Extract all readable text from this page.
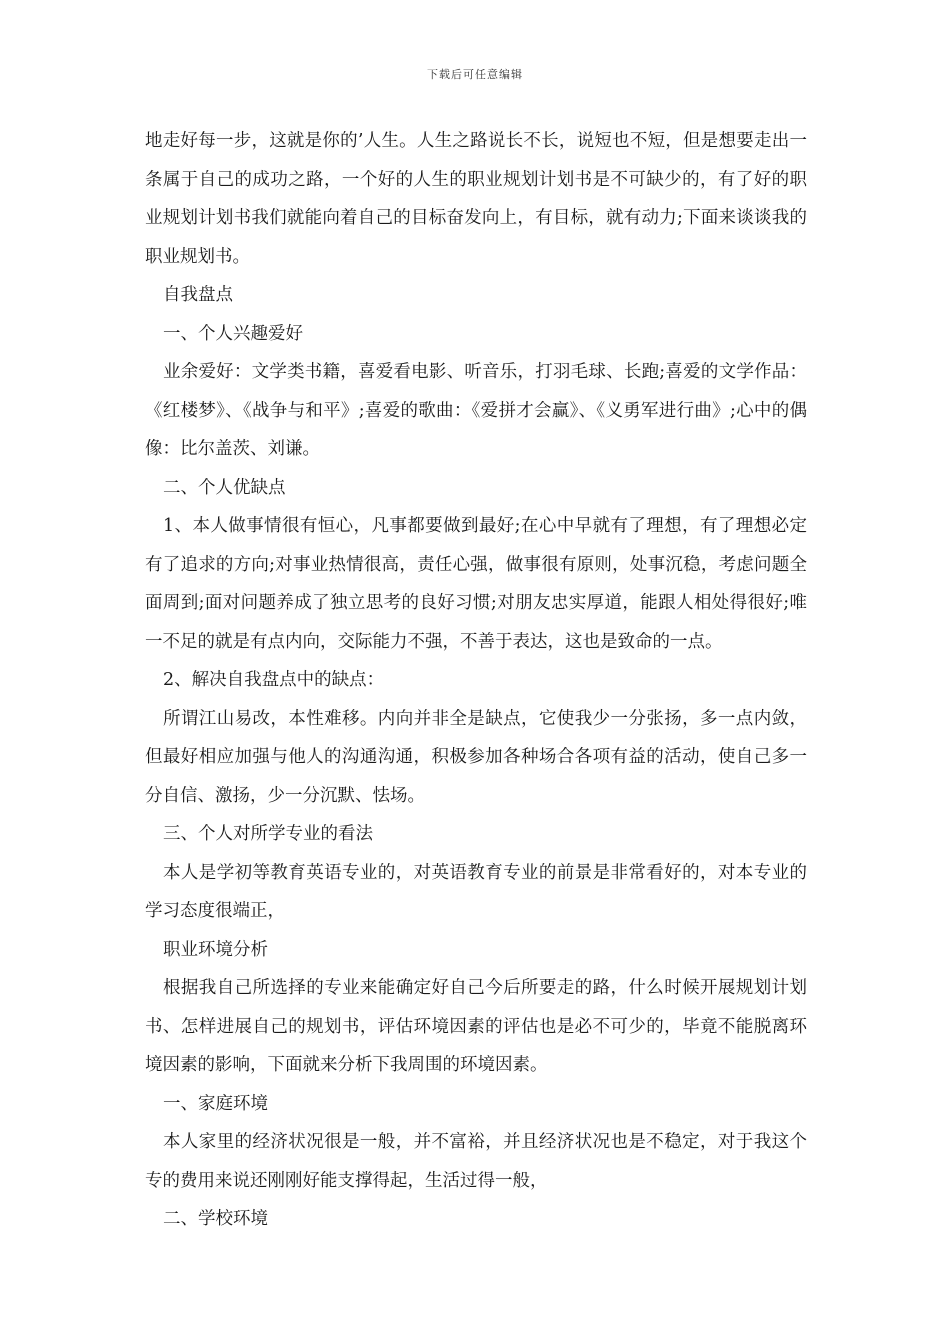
下载后可任意编辑

地走好每一步，这就是你的’人生。人生之路说长不长，说短也不短，但是想要走出一条属于自己的成功之路，一个好的人生的职业规划计划书是不可缺少的，有了好的职业规划计划书我们就能向着自己的目标奋发向上，有目标，就有动力;下面来谈谈我的职业规划书。

自我盘点

一、个人兴趣爱好

业余爱好：文学类书籍，喜爱看电影、听音乐，打羽毛球、长跑;喜爱的文学作品：《红楼梦》、《战争与和平》;喜爱的歌曲：《爱拼才会赢》、《义勇军进行曲》;心中的偶像：比尔盖茨、刘谦。

二、个人优缺点

1、本人做事情很有恒心，凡事都要做到最好;在心中早就有了理想，有了理想必定有了追求的方向;对事业热情很高，责任心强，做事很有原则，处事沉稳，考虑问题全面周到;面对问题养成了独立思考的良好习惯;对朋友忠实厚道，能跟人相处得很好;唯一不足的就是有点内向，交际能力不强，不善于表达，这也是致命的一点。

2、解决自我盘点中的缺点：

所谓江山易改，本性难移。内向并非全是缺点，它使我少一分张扬，多一点内敛，但最好相应加强与他人的沟通沟通，积极参加各种场合各项有益的活动，使自己多一分自信、激扬，少一分沉默、怯场。

三、个人对所学专业的看法

本人是学初等教育英语专业的，对英语教育专业的前景是非常看好的，对本专业的学习态度很端正，

职业环境分析

根据我自己所选择的专业来能确定好自己今后所要走的路，什么时候开展规划计划书、怎样进展自己的规划书，评估环境因素的评估也是必不可少的，毕竟不能脱离环境因素的影响，下面就来分析下我周围的环境因素。

一、家庭环境

本人家里的经济状况很是一般，并不富裕，并且经济状况也是不稳定，对于我这个专的费用来说还刚刚好能支撑得起，生活过得一般，

二、学校环境
